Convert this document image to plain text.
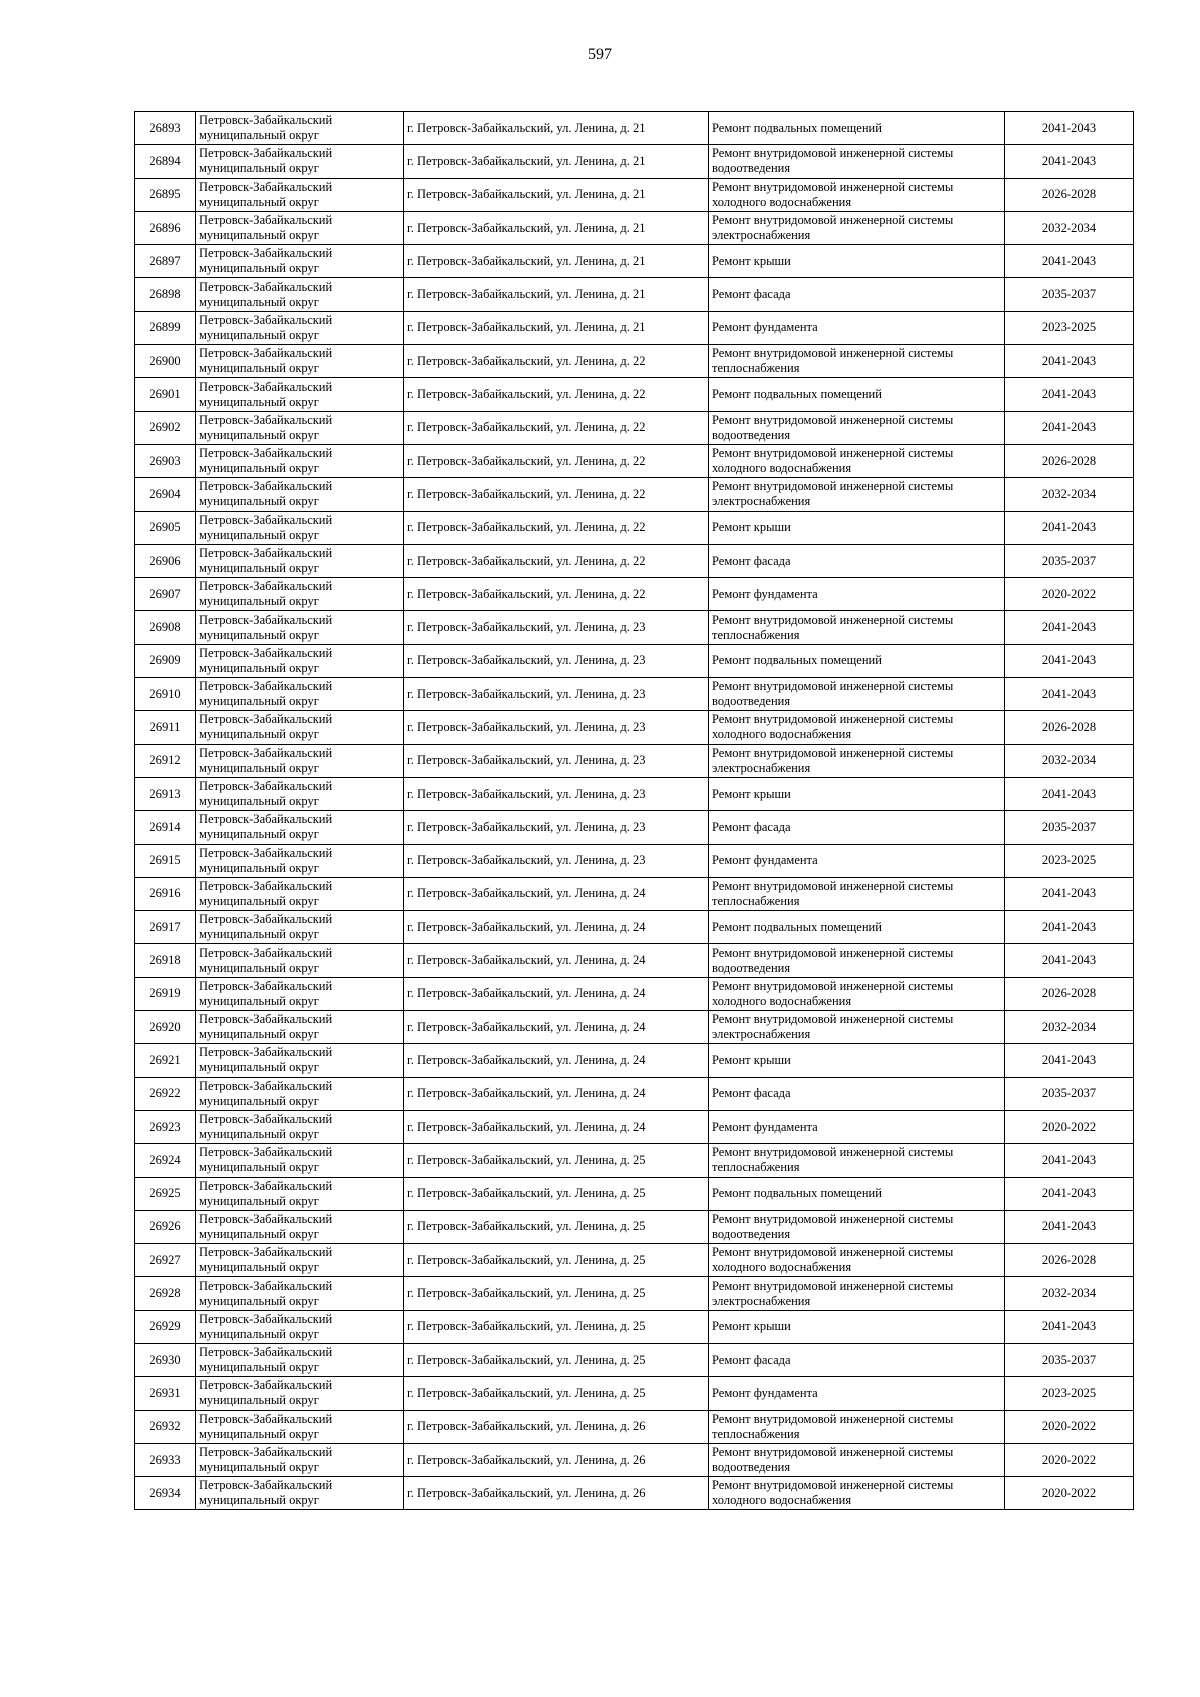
597
26893	Петровск-Забайкальский муниципальный округ	г. Петровск-Забайкальский, ул. Ленина, д. 21	Ремонт подвальных помещений	2041-2043
26894	Петровск-Забайкальский муниципальный округ	г. Петровск-Забайкальский, ул. Ленина, д. 21	Ремонт внутридомовой инженерной системы водоотведения	2041-2043
26895	Петровск-Забайкальский муниципальный округ	г. Петровск-Забайкальский, ул. Ленина, д. 21	Ремонт внутридомовой инженерной системы холодного водоснабжения	2026-2028
26896	Петровск-Забайкальский муниципальный округ	г. Петровск-Забайкальский, ул. Ленина, д. 21	Ремонт внутридомовой инженерной системы электроснабжения	2032-2034
26897	Петровск-Забайкальский муниципальный округ	г. Петровск-Забайкальский, ул. Ленина, д. 21	Ремонт крыши	2041-2043
26898	Петровск-Забайкальский муниципальный округ	г. Петровск-Забайкальский, ул. Ленина, д. 21	Ремонт фасада	2035-2037
26899	Петровск-Забайкальский муниципальный округ	г. Петровск-Забайкальский, ул. Ленина, д. 21	Ремонт фундамента	2023-2025
26900	Петровск-Забайкальский муниципальный округ	г. Петровск-Забайкальский, ул. Ленина, д. 22	Ремонт внутридомовой инженерной системы теплоснабжения	2041-2043
26901	Петровск-Забайкальский муниципальный округ	г. Петровск-Забайкальский, ул. Ленина, д. 22	Ремонт подвальных помещений	2041-2043
26902	Петровск-Забайкальский муниципальный округ	г. Петровск-Забайкальский, ул. Ленина, д. 22	Ремонт внутридомовой инженерной системы водоотведения	2041-2043
26903	Петровск-Забайкальский муниципальный округ	г. Петровск-Забайкальский, ул. Ленина, д. 22	Ремонт внутридомовой инженерной системы холодного водоснабжения	2026-2028
26904	Петровск-Забайкальский муниципальный округ	г. Петровск-Забайкальский, ул. Ленина, д. 22	Ремонт внутридомовой инженерной системы электроснабжения	2032-2034
26905	Петровск-Забайкальский муниципальный округ	г. Петровск-Забайкальский, ул. Ленина, д. 22	Ремонт крыши	2041-2043
26906	Петровск-Забайкальский муниципальный округ	г. Петровск-Забайкальский, ул. Ленина, д. 22	Ремонт фасада	2035-2037
26907	Петровск-Забайкальский муниципальный округ	г. Петровск-Забайкальский, ул. Ленина, д. 22	Ремонт фундамента	2020-2022
26908	Петровск-Забайкальский муниципальный округ	г. Петровск-Забайкальский, ул. Ленина, д. 23	Ремонт внутридомовой инженерной системы теплоснабжения	2041-2043
26909	Петровск-Забайкальский муниципальный округ	г. Петровск-Забайкальский, ул. Ленина, д. 23	Ремонт подвальных помещений	2041-2043
26910	Петровск-Забайкальский муниципальный округ	г. Петровск-Забайкальский, ул. Ленина, д. 23	Ремонт внутридомовой инженерной системы водоотведения	2041-2043
26911	Петровск-Забайкальский муниципальный округ	г. Петровск-Забайкальский, ул. Ленина, д. 23	Ремонт внутридомовой инженерной системы холодного водоснабжения	2026-2028
26912	Петровск-Забайкальский муниципальный округ	г. Петровск-Забайкальский, ул. Ленина, д. 23	Ремонт внутридомовой инженерной системы электроснабжения	2032-2034
26913	Петровск-Забайкальский муниципальный округ	г. Петровск-Забайкальский, ул. Ленина, д. 23	Ремонт крыши	2041-2043
26914	Петровск-Забайкальский муниципальный округ	г. Петровск-Забайкальский, ул. Ленина, д. 23	Ремонт фасада	2035-2037
26915	Петровск-Забайкальский муниципальный округ	г. Петровск-Забайкальский, ул. Ленина, д. 23	Ремонт фундамента	2023-2025
26916	Петровск-Забайкальский муниципальный округ	г. Петровск-Забайкальский, ул. Ленина, д. 24	Ремонт внутридомовой инженерной системы теплоснабжения	2041-2043
26917	Петровск-Забайкальский муниципальный округ	г. Петровск-Забайкальский, ул. Ленина, д. 24	Ремонт подвальных помещений	2041-2043
26918	Петровск-Забайкальский муниципальный округ	г. Петровск-Забайкальский, ул. Ленина, д. 24	Ремонт внутридомовой инженерной системы водоотведения	2041-2043
26919	Петровск-Забайкальский муниципальный округ	г. Петровск-Забайкальский, ул. Ленина, д. 24	Ремонт внутридомовой инженерной системы холодного водоснабжения	2026-2028
26920	Петровск-Забайкальский муниципальный округ	г. Петровск-Забайкальский, ул. Ленина, д. 24	Ремонт внутридомовой инженерной системы электроснабжения	2032-2034
26921	Петровск-Забайкальский муниципальный округ	г. Петровск-Забайкальский, ул. Ленина, д. 24	Ремонт крыши	2041-2043
26922	Петровск-Забайкальский муниципальный округ	г. Петровск-Забайкальский, ул. Ленина, д. 24	Ремонт фасада	2035-2037
26923	Петровск-Забайкальский муниципальный округ	г. Петровск-Забайкальский, ул. Ленина, д. 24	Ремонт фундамента	2020-2022
26924	Петровск-Забайкальский муниципальный округ	г. Петровск-Забайкальский, ул. Ленина, д. 25	Ремонт внутридомовой инженерной системы теплоснабжения	2041-2043
26925	Петровск-Забайкальский муниципальный округ	г. Петровск-Забайкальский, ул. Ленина, д. 25	Ремонт подвальных помещений	2041-2043
26926	Петровск-Забайкальский муниципальный округ	г. Петровск-Забайкальский, ул. Ленина, д. 25	Ремонт внутридомовой инженерной системы водоотведения	2041-2043
26927	Петровск-Забайкальский муниципальный округ	г. Петровск-Забайкальский, ул. Ленина, д. 25	Ремонт внутридомовой инженерной системы холодного водоснабжения	2026-2028
26928	Петровск-Забайкальский муниципальный округ	г. Петровск-Забайкальский, ул. Ленина, д. 25	Ремонт внутридомовой инженерной системы электроснабжения	2032-2034
26929	Петровск-Забайкальский муниципальный округ	г. Петровск-Забайкальский, ул. Ленина, д. 25	Ремонт крыши	2041-2043
26930	Петровск-Забайкальский муниципальный округ	г. Петровск-Забайкальский, ул. Ленина, д. 25	Ремонт фасада	2035-2037
26931	Петровск-Забайкальский муниципальный округ	г. Петровск-Забайкальский, ул. Ленина, д. 25	Ремонт фундамента	2023-2025
26932	Петровск-Забайкальский муниципальный округ	г. Петровск-Забайкальский, ул. Ленина, д. 26	Ремонт внутридомовой инженерной системы теплоснабжения	2020-2022
26933	Петровск-Забайкальский муниципальный округ	г. Петровск-Забайкальский, ул. Ленина, д. 26	Ремонт внутридомовой инженерной системы водоотведения	2020-2022
26934	Петровск-Забайкальский муниципальный округ	г. Петровск-Забайкальский, ул. Ленина, д. 26	Ремонт внутридомовой инженерной системы холодного водоснабжения	2020-2022
